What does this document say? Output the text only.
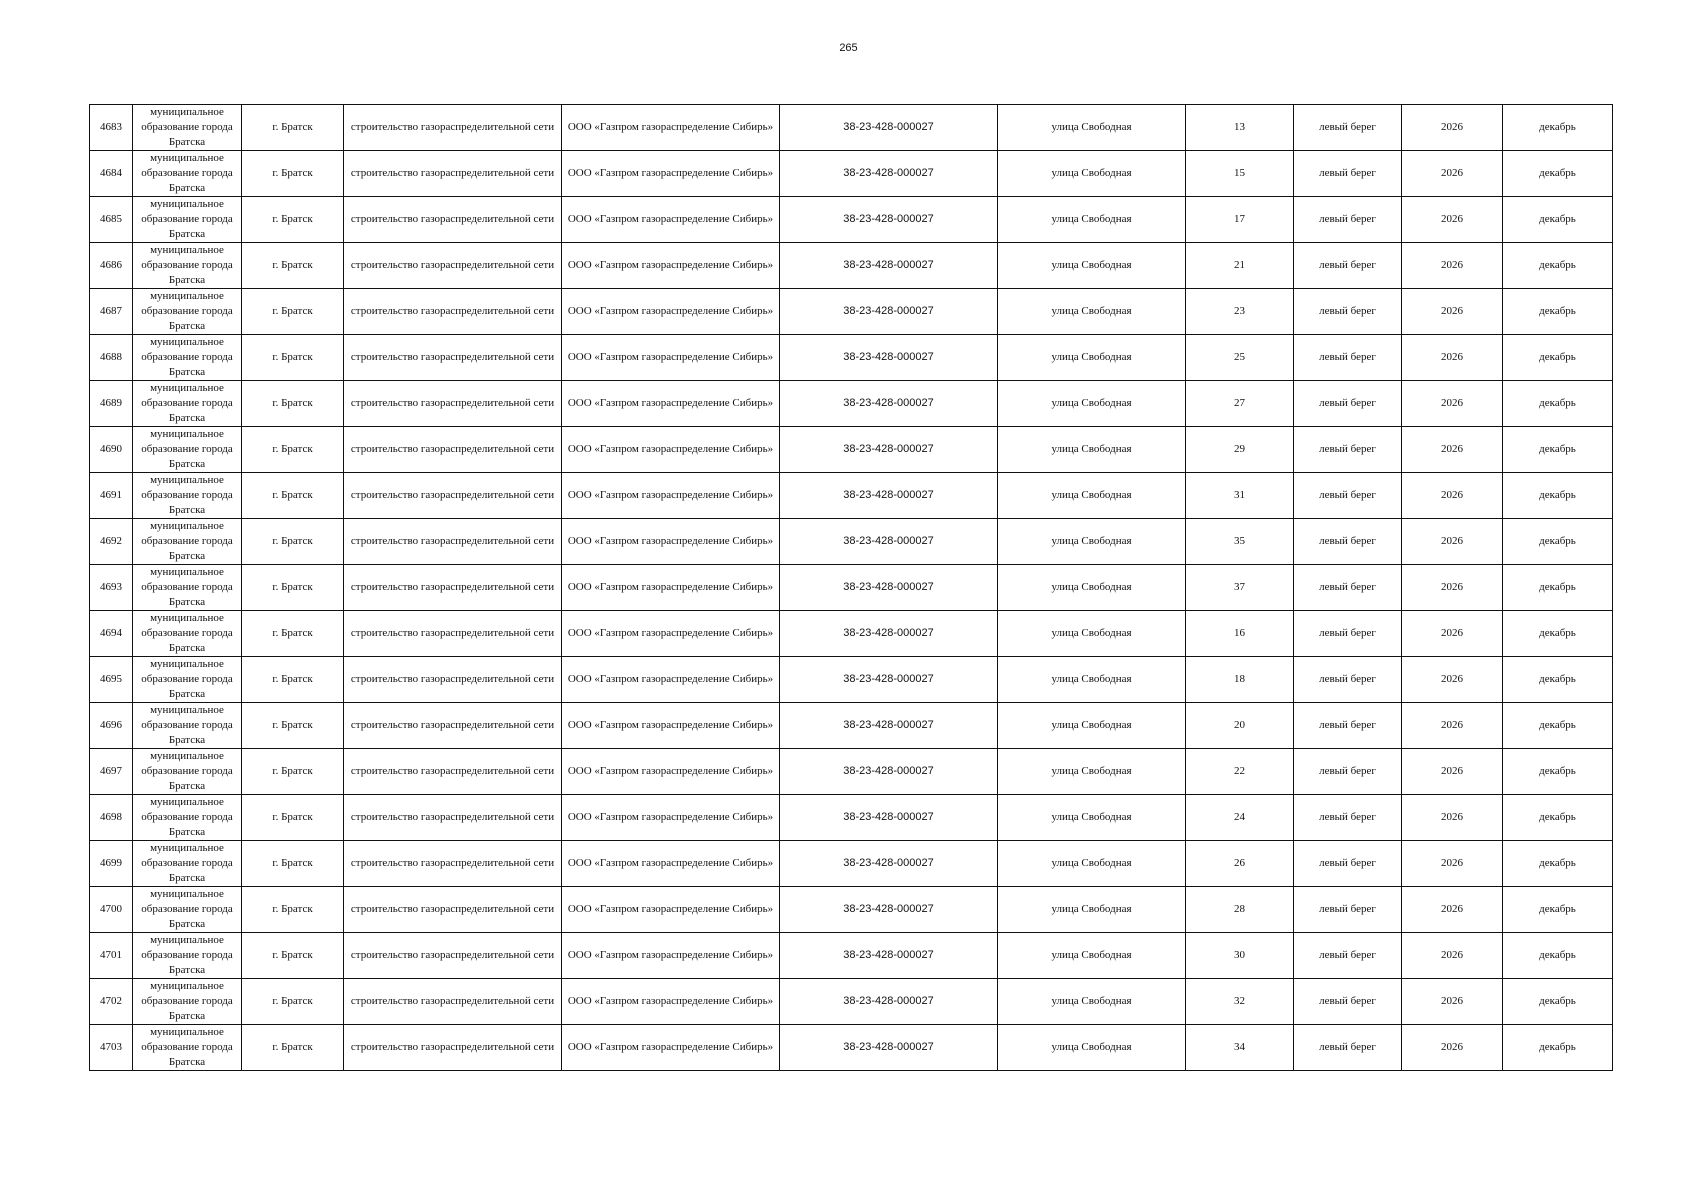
265
4683	муниципальное образование города Братска	г. Братск	строительство газораспределительной сети	ООО «Газпром газораспределение Сибирь»	38-23-428-000027	улица Свободная	13	левый берег	2026	декабрь
4684	муниципальное образование города Братска	г. Братск	строительство газораспределительной сети	ООО «Газпром газораспределение Сибирь»	38-23-428-000027	улица Свободная	15	левый берег	2026	декабрь
4685	муниципальное образование города Братска	г. Братск	строительство газораспределительной сети	ООО «Газпром газораспределение Сибирь»	38-23-428-000027	улица Свободная	17	левый берег	2026	декабрь
4686	муниципальное образование города Братска	г. Братск	строительство газораспределительной сети	ООО «Газпром газораспределение Сибирь»	38-23-428-000027	улица Свободная	21	левый берег	2026	декабрь
4687	муниципальное образование города Братска	г. Братск	строительство газораспределительной сети	ООО «Газпром газораспределение Сибирь»	38-23-428-000027	улица Свободная	23	левый берег	2026	декабрь
4688	муниципальное образование города Братска	г. Братск	строительство газораспределительной сети	ООО «Газпром газораспределение Сибирь»	38-23-428-000027	улица Свободная	25	левый берег	2026	декабрь
4689	муниципальное образование города Братска	г. Братск	строительство газораспределительной сети	ООО «Газпром газораспределение Сибирь»	38-23-428-000027	улица Свободная	27	левый берег	2026	декабрь
4690	муниципальное образование города Братска	г. Братск	строительство газораспределительной сети	ООО «Газпром газораспределение Сибирь»	38-23-428-000027	улица Свободная	29	левый берег	2026	декабрь
4691	муниципальное образование города Братска	г. Братск	строительство газораспределительной сети	ООО «Газпром газораспределение Сибирь»	38-23-428-000027	улица Свободная	31	левый берег	2026	декабрь
4692	муниципальное образование города Братска	г. Братск	строительство газораспределительной сети	ООО «Газпром газораспределение Сибирь»	38-23-428-000027	улица Свободная	35	левый берег	2026	декабрь
4693	муниципальное образование города Братска	г. Братск	строительство газораспределительной сети	ООО «Газпром газораспределение Сибирь»	38-23-428-000027	улица Свободная	37	левый берег	2026	декабрь
4694	муниципальное образование города Братска	г. Братск	строительство газораспределительной сети	ООО «Газпром газораспределение Сибирь»	38-23-428-000027	улица Свободная	16	левый берег	2026	декабрь
4695	муниципальное образование города Братска	г. Братск	строительство газораспределительной сети	ООО «Газпром газораспределение Сибирь»	38-23-428-000027	улица Свободная	18	левый берег	2026	декабрь
4696	муниципальное образование города Братска	г. Братск	строительство газораспределительной сети	ООО «Газпром газораспределение Сибирь»	38-23-428-000027	улица Свободная	20	левый берег	2026	декабрь
4697	муниципальное образование города Братска	г. Братск	строительство газораспределительной сети	ООО «Газпром газораспределение Сибирь»	38-23-428-000027	улица Свободная	22	левый берег	2026	декабрь
4698	муниципальное образование города Братска	г. Братск	строительство газораспределительной сети	ООО «Газпром газораспределение Сибирь»	38-23-428-000027	улица Свободная	24	левый берег	2026	декабрь
4699	муниципальное образование города Братска	г. Братск	строительство газораспределительной сети	ООО «Газпром газораспределение Сибирь»	38-23-428-000027	улица Свободная	26	левый берег	2026	декабрь
4700	муниципальное образование города Братска	г. Братск	строительство газораспределительной сети	ООО «Газпром газораспределение Сибирь»	38-23-428-000027	улица Свободная	28	левый берег	2026	декабрь
4701	муниципальное образование города Братска	г. Братск	строительство газораспределительной сети	ООО «Газпром газораспределение Сибирь»	38-23-428-000027	улица Свободная	30	левый берег	2026	декабрь
4702	муниципальное образование города Братска	г. Братск	строительство газораспределительной сети	ООО «Газпром газораспределение Сибирь»	38-23-428-000027	улица Свободная	32	левый берег	2026	декабрь
4703	муниципальное образование города Братска	г. Братск	строительство газораспределительной сети	ООО «Газпром газораспределение Сибирь»	38-23-428-000027	улица Свободная	34	левый берег	2026	декабрь
